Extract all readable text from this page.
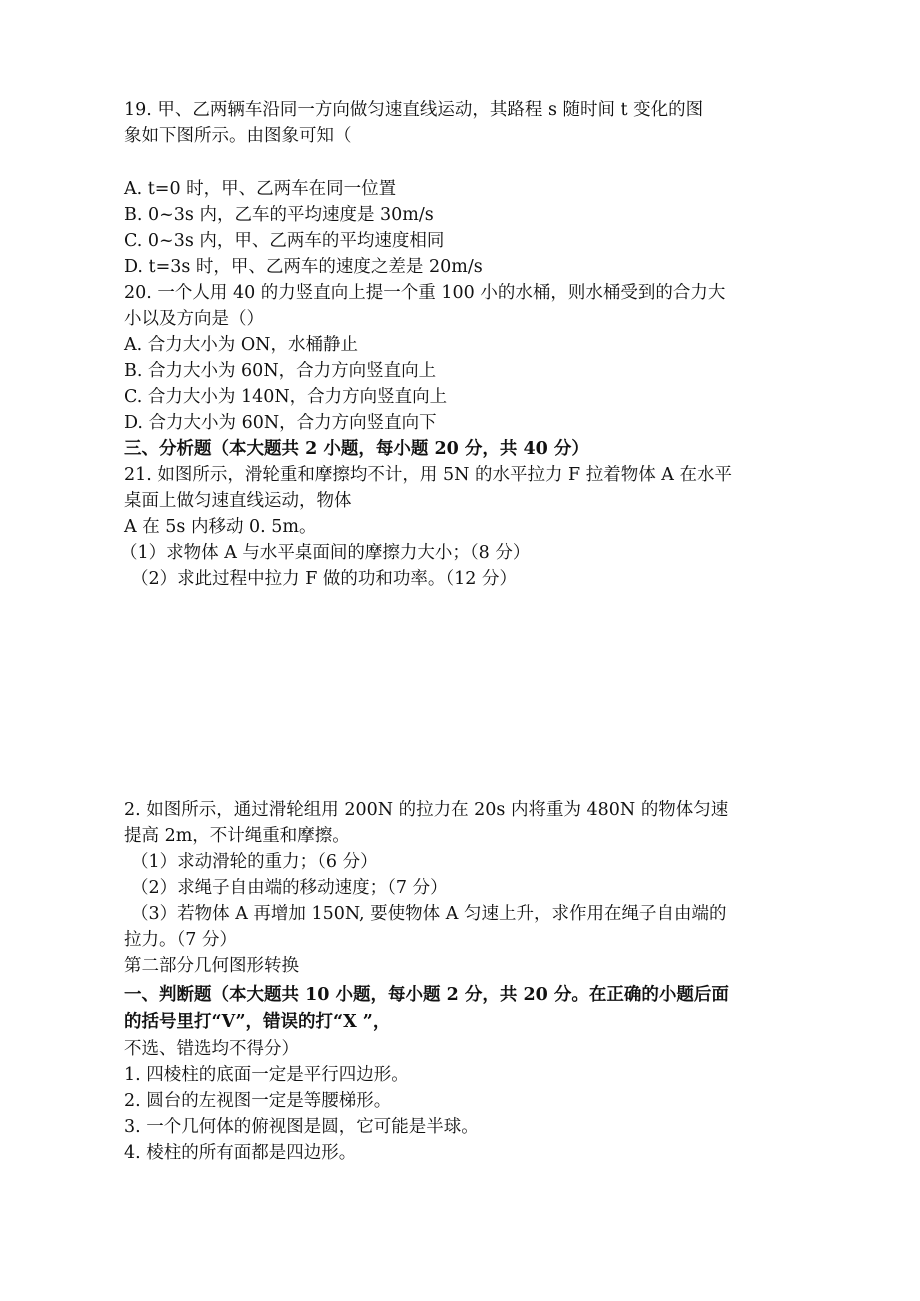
19. 甲、乙两辆车沿同一方向做匀速直线运动，其路程 s 随时间 t 变化的图
象如下图所示。由图象可知（
A. t=0 时，甲、乙两车在同一位置
B. 0~3s 内，乙车的平均速度是 30m/s
C. 0~3s 内，甲、乙两车的平均速度相同
D. t=3s 时，甲、乙两车的速度之差是 20m/s
20. 一个人用 40 的力竖直向上提一个重 100 小的水桶，则水桶受到的合力大
小以及方向是（）
A. 合力大小为 ON，水桶静止
B. 合力大小为 60N，合力方向竖直向上
C. 合力大小为 140N，合力方向竖直向上
D. 合力大小为 60N，合力方向竖直向下
三、分析题（本大题共 2 小题，每小题 20 分，共 40 分）
21. 如图所示，滑轮重和摩擦均不计，用 5N 的水平拉力 F 拉着物体 A 在水平
桌面上做匀速直线运动，物体
A 在 5s 内移动 0. 5m。
（1）求物体 A 与水平桌面间的摩擦力大小；（8 分）
（2）求此过程中拉力 F 做的功和功率。（12 分）
2. 如图所示，通过滑轮组用 200N 的拉力在 20s 内将重为 480N 的物体匀速
提高 2m，不计绳重和摩擦。
（1）求动滑轮的重力；（6 分）
（2）求绳子自由端的移动速度；（7 分）
（3）若物体 A 再增加 150N, 要使物体 A 匀速上升，求作用在绳子自由端的
拉力。（7 分）
第二部分几何图形转换
一、判断题（本大题共 10 小题，每小题 2 分，共 20 分。在正确的小题后面
的括号里打“V”，错误的打“X ”，
不选、错选均不得分）
1. 四棱柱的底面一定是平行四边形。
2. 圆台的左视图一定是等腰梯形。
3. 一个几何体的俯视图是圆，它可能是半球。
4. 棱柱的所有面都是四边形。
